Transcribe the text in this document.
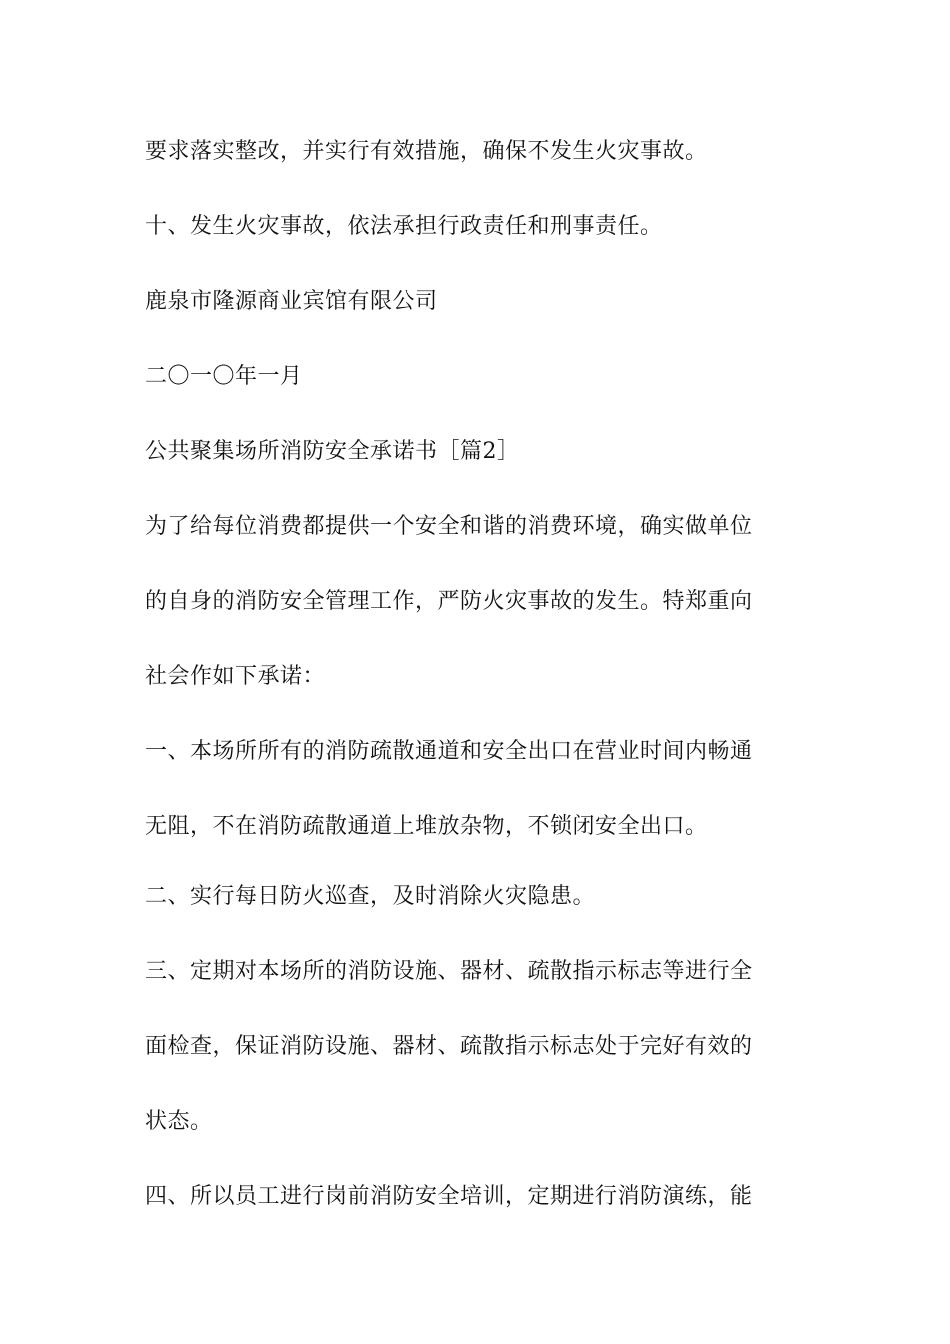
要求落实整改，并实行有效措施，确保不发生火灾事故。
十、发生火灾事故，依法承担行政责任和刑事责任。
鹿泉市隆源商业宾馆有限公司
二〇一〇年一月
公共聚集场所消防安全承诺书［篇2］
为了给每位消费都提供一个安全和谐的消费环境，确实做单位
的自身的消防安全管理工作，严防火灾事故的发生。特郑重向
社会作如下承诺：
一、本场所所有的消防疏散通道和安全出口在营业时间内畅通
无阻，不在消防疏散通道上堆放杂物，不锁闭安全出口。
二、实行每日防火巡查，及时消除火灾隐患。
三、定期对本场所的消防设施、器材、疏散指示标志等进行全
面检查，保证消防设施、器材、疏散指示标志处于完好有效的
状态。
四、所以员工进行岗前消防安全培训，定期进行消防演练，能
